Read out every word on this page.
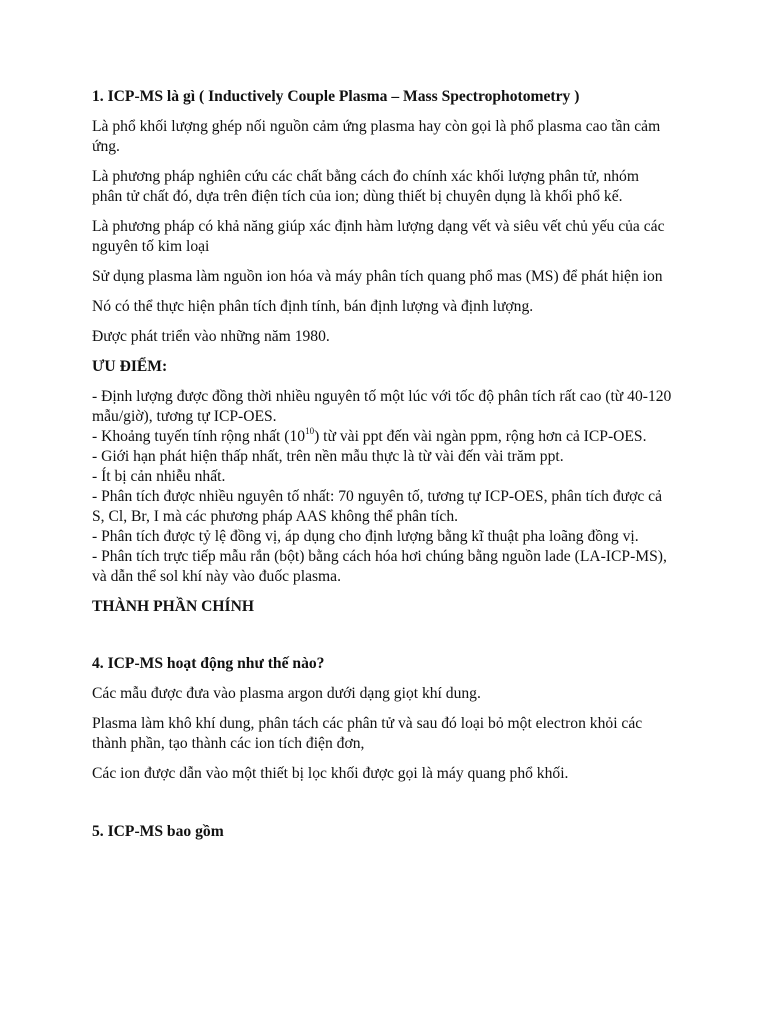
1. ICP-MS là gì ( Inductively Couple Plasma – Mass Spectrophotometry )

Là phổ khối lượng ghép nối nguồn cảm ứng plasma hay còn gọi là phổ plasma cao tần cảm ứng.

Là phương pháp nghiên cứu các chất bằng cách đo chính xác khối lượng phân tử, nhóm phân tử chất đó, dựa trên điện tích của ion; dùng thiết bị chuyên dụng là khối phổ kế.

Là phương pháp có khả năng giúp xác định hàm lượng dạng vết và siêu vết chủ yếu của các nguyên tố kim loại

Sử dụng plasma làm nguồn ion hóa và máy phân tích quang phổ mas (MS) để phát hiện ion

Nó có thể thực hiện phân tích định tính, bán định lượng và định lượng.

Được phát triển vào những năm 1980.

ƯU ĐIỂM:

- Định lượng được đồng thời nhiều nguyên tố một lúc với tốc độ phân tích rất cao (từ 40-120 mẫu/giờ), tương tự ICP-OES.

- Khoảng tuyến tính rộng nhất $(10^{10})$ từ vài ppt đến vài ngàn ppm, rộng hơn cả ICP-OES.

- Giới hạn phát hiện thấp nhất, trên nền mẫu thực là từ vài đến vài trăm ppt.

- Ít bị cản nhiễu nhất.

- Phân tích được nhiều nguyên tố nhất: 70 nguyên tố, tương tự ICP-OES, phân tích được cả S, Cl, Br, I mà các phương pháp AAS không thể phân tích.

- Phân tích được tỷ lệ đồng vị, áp dụng cho định lượng bằng kĩ thuật pha loãng đồng vị.

- Phân tích trực tiếp mẫu rắn (bột) bằng cách hóa hơi chúng bằng nguồn lade (LA-ICP-MS), và dẫn thể sol khí này vào đuốc plasma.

THÀNH PHẦN CHÍNH

4. ICP-MS hoạt động như thế nào?

Các mẫu được đưa vào plasma argon dưới dạng giọt khí dung.

Plasma làm khô khí dung, phân tách các phân tử và sau đó loại bỏ một electron khỏi các thành phần, tạo thành các ion tích điện đơn,

Các ion được dẫn vào một thiết bị lọc khối được gọi là máy quang phổ khối.

5. ICP-MS bao gồm
